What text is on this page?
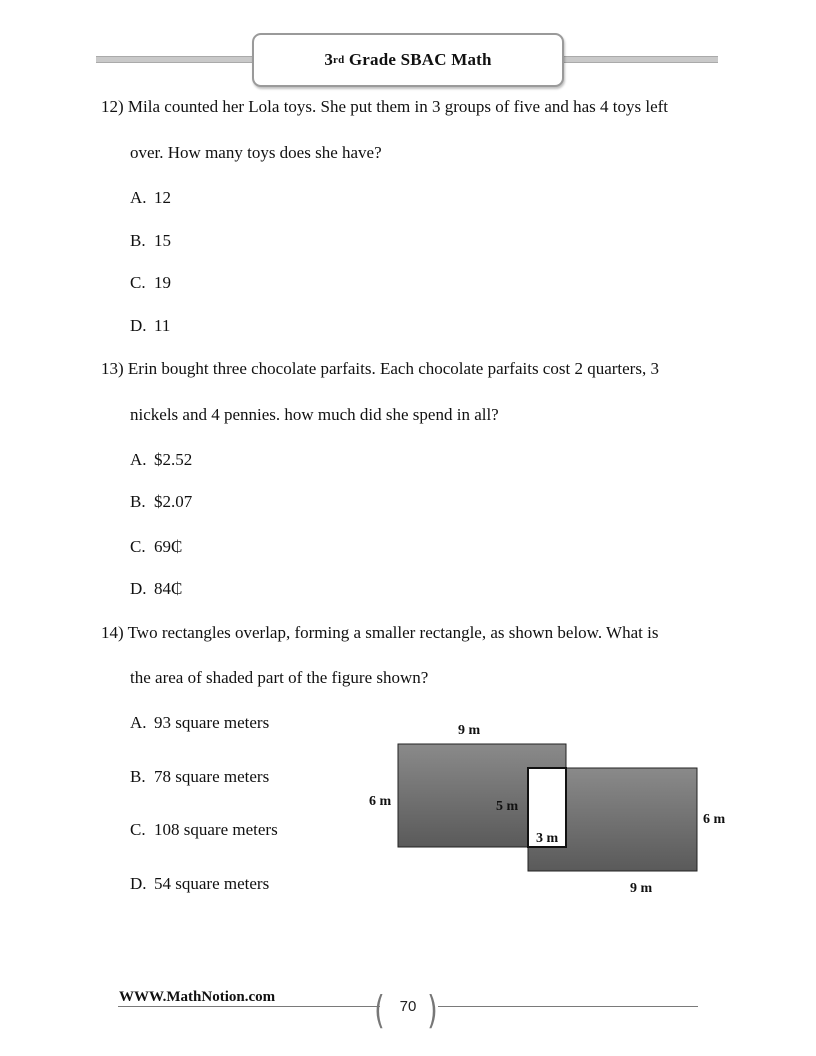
3 rd Grade SBAC Math
12) Mila counted her Lola toys. She put them in 3 groups of five and has 4 toys left
over. How many toys does she have?
A. 12
B. 15
C. 19
D. 11
13) Erin bought three chocolate parfaits. Each chocolate parfaits cost 2 quarters, 3
nickels and 4 pennies. how much did she spend in all?
A. $2.52
B. $2.07
C. 69₵
D. 84₵
14) Two rectangles overlap, forming a smaller rectangle, as shown below. What is
the area of shaded part of the figure shown?
A. 93 square meters
B. 78 square meters
C. 108 square meters
D. 54 square meters
9 m
6 m	5 m
3 m
6 m
9 m
WWW.MathNotion.com	( )
70
